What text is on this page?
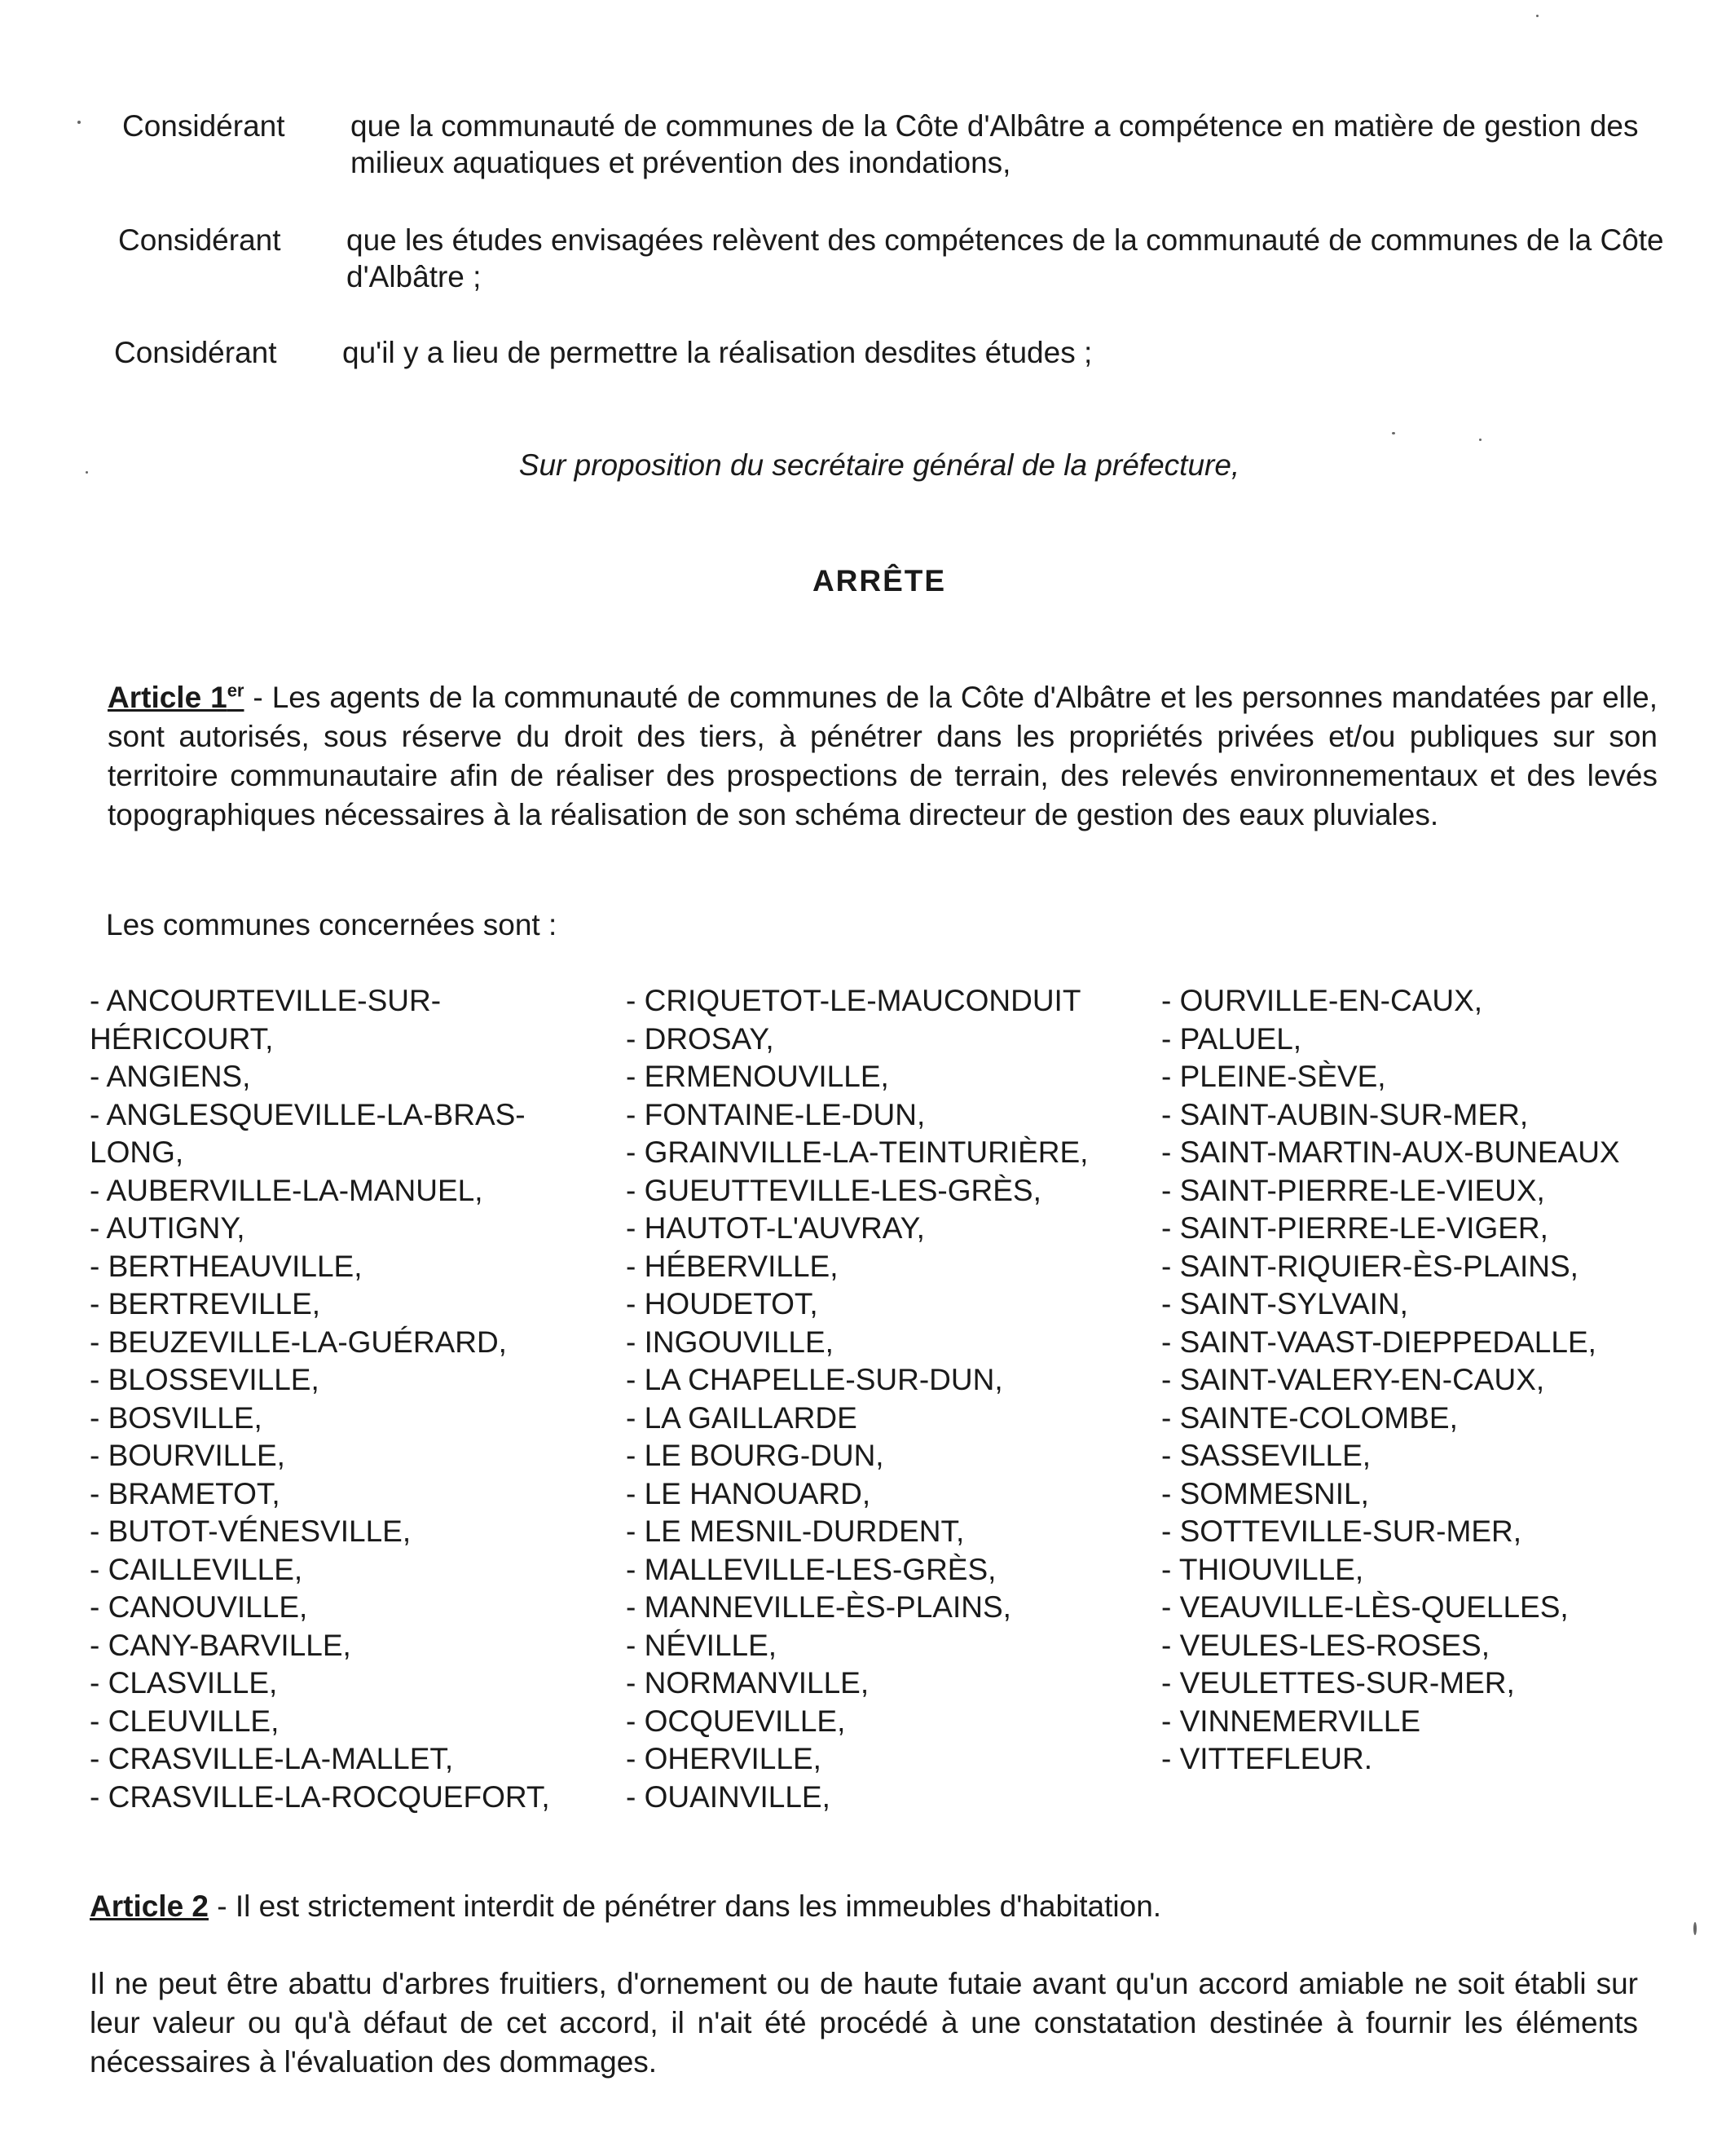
Considérant	que la communauté de communes de la Côte d'Albâtre a compétence en matière de gestion des milieux aquatiques et prévention des inondations,
Considérant	que les études envisagées relèvent des compétences de la communauté de communes de la Côte d'Albâtre ;
Considérant	qu'il y a lieu de permettre la réalisation desdites études ;
Sur proposition du secrétaire général de la préfecture,
ARRÊTE
Article 1er - Les agents de la communauté de communes de la Côte d'Albâtre et les personnes mandatées par elle, sont autorisés, sous réserve du droit des tiers, à pénétrer dans les propriétés privées et/ou publiques sur son territoire communautaire afin de réaliser des prospections de terrain, des relevés environnementaux et des levés topographiques nécessaires à la réalisation de son schéma directeur de gestion des eaux pluviales.
Les communes concernées sont :
- ANCOURTEVILLE-SUR-HÉRICOURT,
- ANGIENS,
- ANGLESQUEVILLE-LA-BRAS-LONG,
- AUBERVILLE-LA-MANUEL,
- AUTIGNY,
- BERTHEAUVILLE,
- BERTREVILLE,
- BEUZEVILLE-LA-GUÉRARD,
- BLOSSEVILLE,
- BOSVILLE,
- BOURVILLE,
- BRAMETOT,
- BUTOT-VÉNESVILLE,
- CAILLEVILLE,
- CANOUVILLE,
- CANY-BARVILLE,
- CLASVILLE,
- CLEUVILLE,
- CRASVILLE-LA-MALLET,
- CRASVILLE-LA-ROCQUEFORT,
- CRIQUETOT-LE-MAUCONDUIT
- DROSAY,
- ERMENOUVILLE,
- FONTAINE-LE-DUN,
- GRAINVILLE-LA-TEINTURIÈRE,
- GUEUTTEVILLE-LES-GRÈS,
- HAUTOT-L'AUVRAY,
- HÉBERVILLE,
- HOUDETOT,
- INGOUVILLE,
- LA CHAPELLE-SUR-DUN,
- LA GAILLARDE
- LE BOURG-DUN,
- LE HANOUARD,
- LE MESNIL-DURDENT,
- MALLEVILLE-LES-GRÈS,
- MANNEVILLE-ÈS-PLAINS,
- NÉVILLE,
- NORMANVILLE,
- OCQUEVILLE,
- OHERVILLE,
- OUAINVILLE,
- OURVILLE-EN-CAUX,
- PALUEL,
- PLEINE-SÈVE,
- SAINT-AUBIN-SUR-MER,
- SAINT-MARTIN-AUX-BUNEAUX
- SAINT-PIERRE-LE-VIEUX,
- SAINT-PIERRE-LE-VIGER,
- SAINT-RIQUIER-ÈS-PLAINS,
- SAINT-SYLVAIN,
- SAINT-VAAST-DIEPPEDALLE,
- SAINT-VALERY-EN-CAUX,
- SAINTE-COLOMBE,
- SASSEVILLE,
- SOMMESNIL,
- SOTTEVILLE-SUR-MER,
- THIOUVILLE,
- VEAUVILLE-LÈS-QUELLES,
- VEULES-LES-ROSES,
- VEULETTES-SUR-MER,
- VINNEMERVILLE
- VITTEFLEUR.
Article 2 - Il est strictement interdit de pénétrer dans les immeubles d'habitation.
Il ne peut être abattu d'arbres fruitiers, d'ornement ou de haute futaie avant qu'un accord amiable ne soit établi sur leur valeur ou qu'à défaut de cet accord, il n'ait été procédé à une constatation destinée à fournir les éléments nécessaires à l'évaluation des dommages.
